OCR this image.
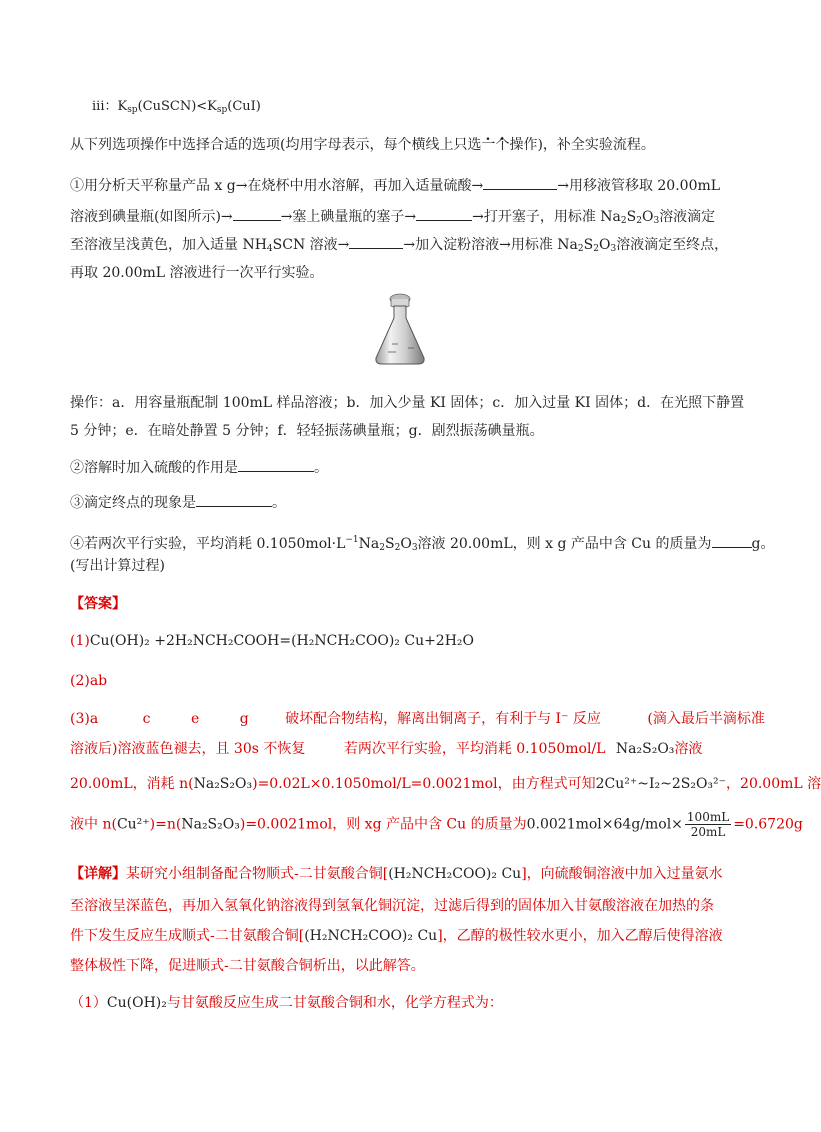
iii：$K_{sp}(CuSCN)<K_{sp}(CuI)$
从下列选项操作中选择合适的选项(均用字母表示，每个横线上只选一个操作)，补全实验流程。
①用分析天平称量产品 x g→在烧杯中用水溶解，再加入适量硫酸→	→用移液管移取 20.00mL
溶液到碘量瓶(如图所示)→	→塞上碘量瓶的塞子→	→打开塞子，用标准 $Na_2S_2O_3$溶液滴定
至溶液呈浅黄色，加入适量 $NH_4SCN$ 溶液→	→加入淀粉溶液→用标准 $Na_2S_2O_3$溶液滴定至终点，
再取 20.00mL 溶液进行一次平行实验。
操作：a．用容量瓶配制 100mL 样品溶液；b．加入少量 KI 固体；c．加入过量 KI 固体；d．在光照下静置
5 分钟；e．在暗处静置 5 分钟；f．轻轻振荡碘量瓶；g．剧烈振荡碘量瓶。
②溶解时加入硫酸的作用是	。
③滴定终点的现象是	。
④若两次平行实验，平均消耗 $0.1050mol\cdot L^{-1}Na_2S_2O_3$溶液 20.00mL，则 x g 产品中含 Cu 的质量为	g。
(写出计算过程)
【答案】
(1)Cu(OH)₂ +2H₂NCH₂COOH=(H₂NCH₂COO)₂ Cu+2H₂O
(2)ab
(3)a	c	e	g	破坏配合物结构，解离出铜离子，有利于与 I⁻ 反应	(滴入最后半滴标准
溶液后)溶液蓝色褪去，且 30s 不恢复	若两次平行实验，平均消耗 0.1050mol/L Na₂S₂O₃溶液
20.00mL，消耗 n(Na₂S₂O₃)=0.02L×0.1050mol/L=0.0021mol，由方程式可知2Cu²⁺~I₂~2S₂O₃²⁻，20.00mL 溶
液中 n(Cu²⁺)=n(Na₂S₂O₃)=0.0021mol，则 xg 产品中含 Cu 的质量为$0.0021mol\times 64g/mol\times \frac{100mL}{20mL} =0.6720g$
【详解】某研究小组制备配合物顺式-二甘氨酸合铜[(H₂NCH₂COO)₂ Cu]，向硫酸铜溶液中加入过量氨水
至溶液呈深蓝色，再加入氢氧化钠溶液得到氢氧化铜沉淀，过滤后得到的固体加入甘氨酸溶液在加热的条
件下发生反应生成顺式-二甘氨酸合铜[(H₂NCH₂COO)₂ Cu]，乙醇的极性较水更小，加入乙醇后使得溶液
整体极性下降，促进顺式-二甘氨酸合铜析出，以此解答。
（1）Cu(OH)₂与甘氨酸反应生成二甘氨酸合铜和水，化学方程式为：
